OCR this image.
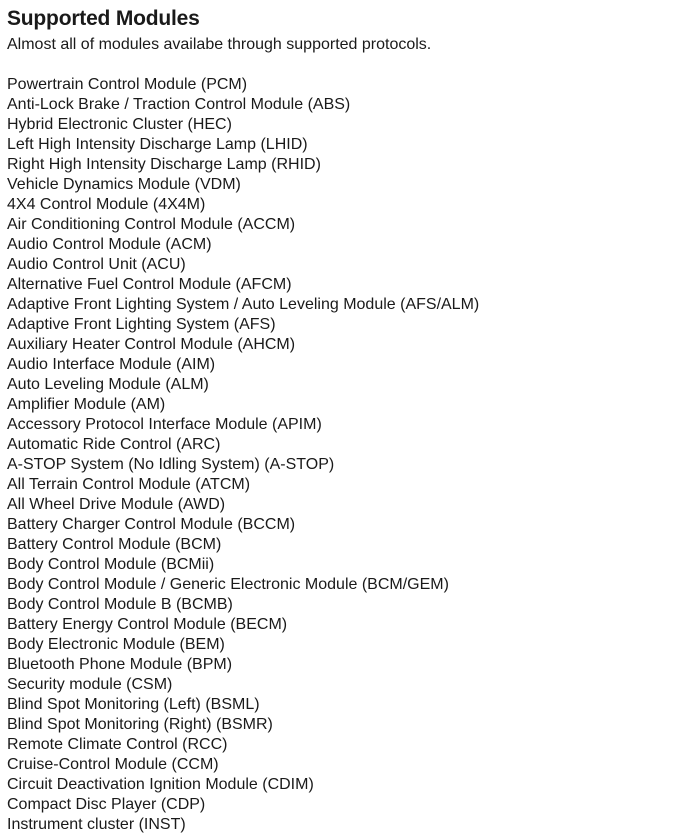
Supported Modules

Almost all of modules availabe through supported protocols.

Powertrain Control Module (PCM)
Anti-Lock Brake / Traction Control Module (ABS)
Hybrid Electronic Cluster (HEC)
Left High Intensity Discharge Lamp (LHID)
Right High Intensity Discharge Lamp (RHID)
Vehicle Dynamics Module (VDM)
4X4 Control Module (4X4M)
Air Conditioning Control Module (ACCM)
Audio Control Module (ACM)
Audio Control Unit (ACU)
Alternative Fuel Control Module (AFCM)
Adaptive Front Lighting System / Auto Leveling Module (AFS/ALM)
Adaptive Front Lighting System (AFS)
Auxiliary Heater Control Module (AHCM)
Audio Interface Module (AIM)
Auto Leveling Module (ALM)
Amplifier Module (AM)
Accessory Protocol Interface Module (APIM)
Automatic Ride Control (ARC)
A-STOP System (No Idling System) (A-STOP)
All Terrain Control Module (ATCM)
All Wheel Drive Module (AWD)
Battery Charger Control Module (BCCM)
Battery Control Module (BCM)
Body Control Module (BCMii)
Body Control Module / Generic Electronic Module (BCM/GEM)
Body Control Module B (BCMB)
Battery Energy Control Module (BECM)
Body Electronic Module (BEM)
Bluetooth Phone Module (BPM)
Security module (CSM)
Blind Spot Monitoring (Left) (BSML)
Blind Spot Monitoring (Right) (BSMR)
Remote Climate Control (RCC)
Cruise-Control Module (CCM)
Circuit Deactivation Ignition Module (CDIM)
Compact Disc Player (CDP)
Instrument cluster (INST)
